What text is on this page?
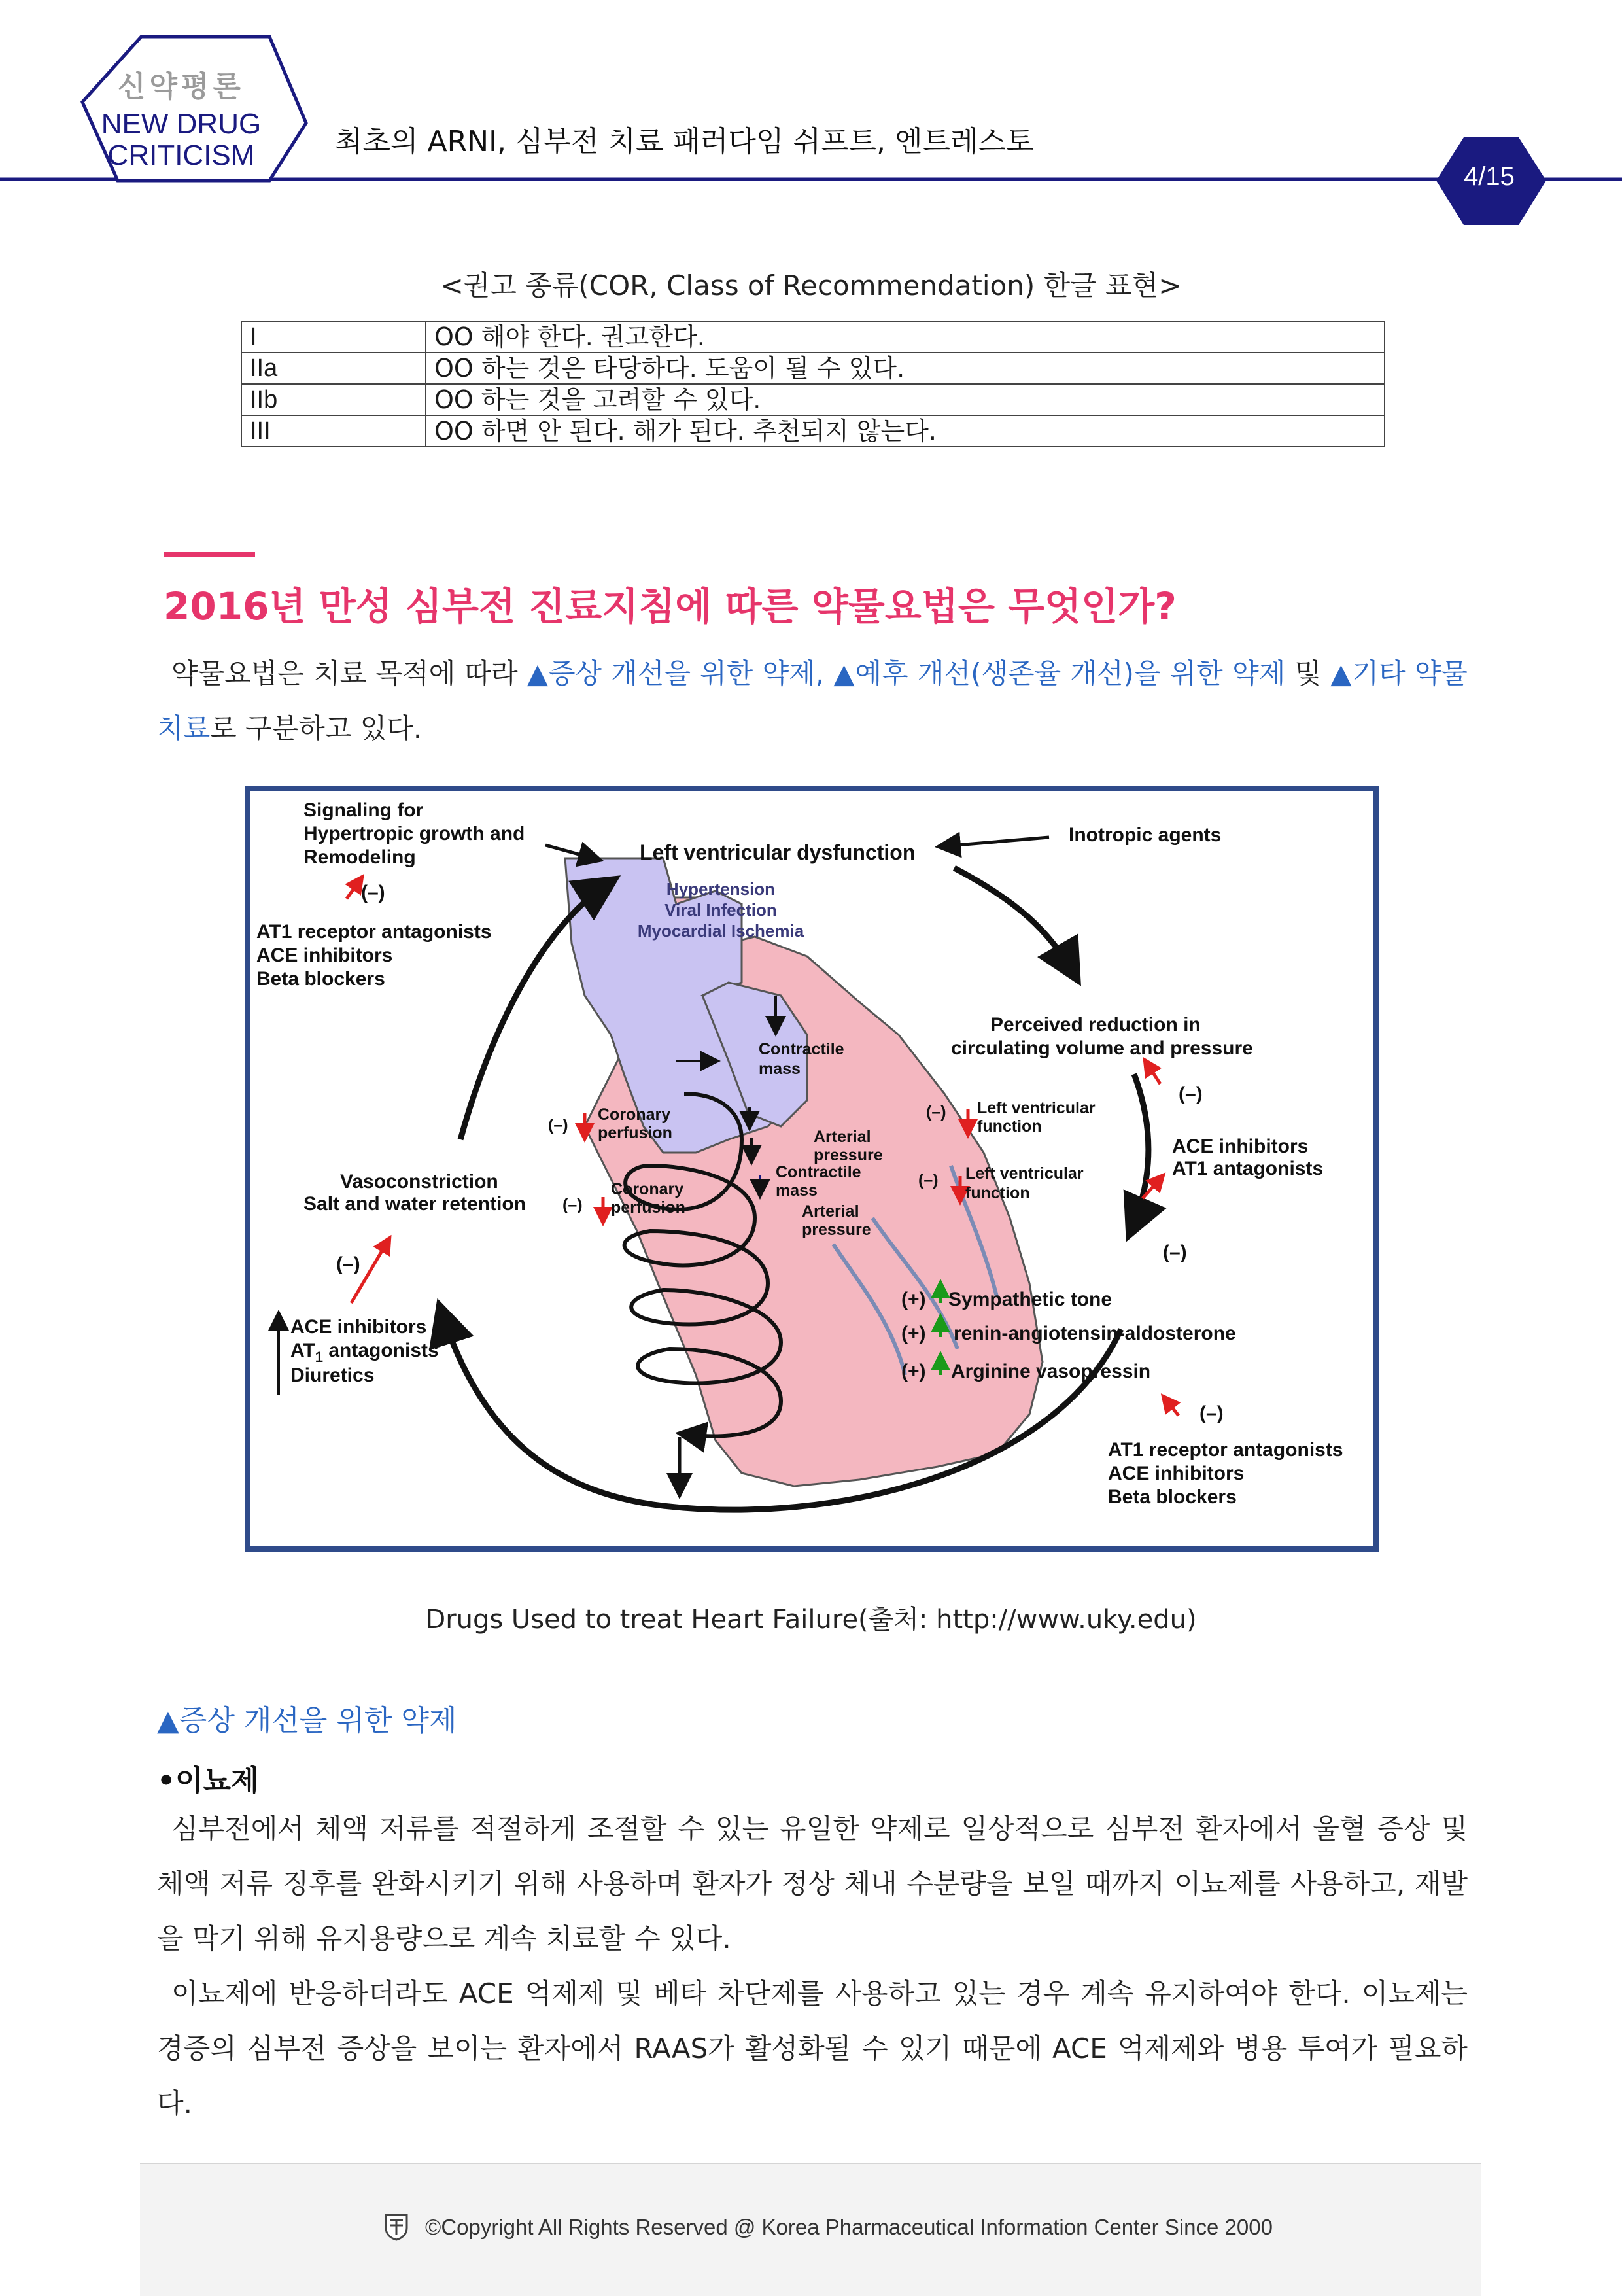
신약평론
NEW DRUG
CRITICISM	최초의 ARNI, 심부전 치료 패러다임 쉬프트, 엔트레스토
4/15
<권고 종류(COR, Class of Recommendation) 한글 표현>
I	OO 해야 한다. 권고한다.
IIa	OO 하는 것은 타당하다. 도움이 될 수 있다.
IIb	OO 하는 것을 고려할 수 있다.
III	OO 하면 안 된다. 해가 된다. 추천되지 않는다.
2016년 만성 심부전 진료지침에 따른 약물요법은 무엇인가?
약물요법은 치료 목적에 따라 ▲증상 개선을 위한 약제, ▲예후 개선(생존율 개선)을 위한 약제 및 ▲기타 약물치료로 구분하고 있다.
Signaling for
Hypertropic growth and
Remodeling
(–)
AT1 receptor antagonists
ACE inhibitors
Beta blockers
Left ventricular dysfunction
Inotropic agents
Hypertension
Viral Infection
Myocardial Ischemia
Perceived reduction in
circulating volume and pressure
(–)
ACE inhibitors
AT1 antagonists
(–)
Vasoconstriction
Salt and water retention
(–)
ACE inhibitors
$AT_1$ antagonists
Diuretics
Sympathetic tone
renin-angiotensin-aldosterone
Arginine vasopressin
(+)
(+)
(+)
(–)
AT1 receptor antagonists
ACE inhibitors
Beta blockers
Contractile
mass
Coronary
perfusion
(–)
Arterial
pressure
Contractile
mass
Coronary
perfusion
(–)	Arterial
pressure
(–) Left ventricular
function
(–) Left ventricular
function
Drugs Used to treat Heart Failure(출처: http://www.uky.edu)
▲증상 개선을 위한 약제
•이뇨제
심부전에서 체액 저류를 적절하게 조절할 수 있는 유일한 약제로 일상적으로 심부전 환자에서 울혈 증상 및 체액 저류 징후를 완화시키기 위해 사용하며 환자가 정상 체내 수분량을 보일 때까지 이뇨제를 사용하고, 재발을 막기 위해 유지용량으로 계속 치료할 수 있다.
이뇨제에 반응하더라도 ACE 억제제 및 베타 차단제를 사용하고 있는 경우 계속 유지하여야 한다. 이뇨제는 경증의 심부전 증상을 보이는 환자에서 RAAS가 활성화될 수 있기 때문에 ACE 억제제와 병용 투여가 필요하다.
©Copyright All Rights Reserved @ Korea Pharmaceutical Information Center Since 2000
